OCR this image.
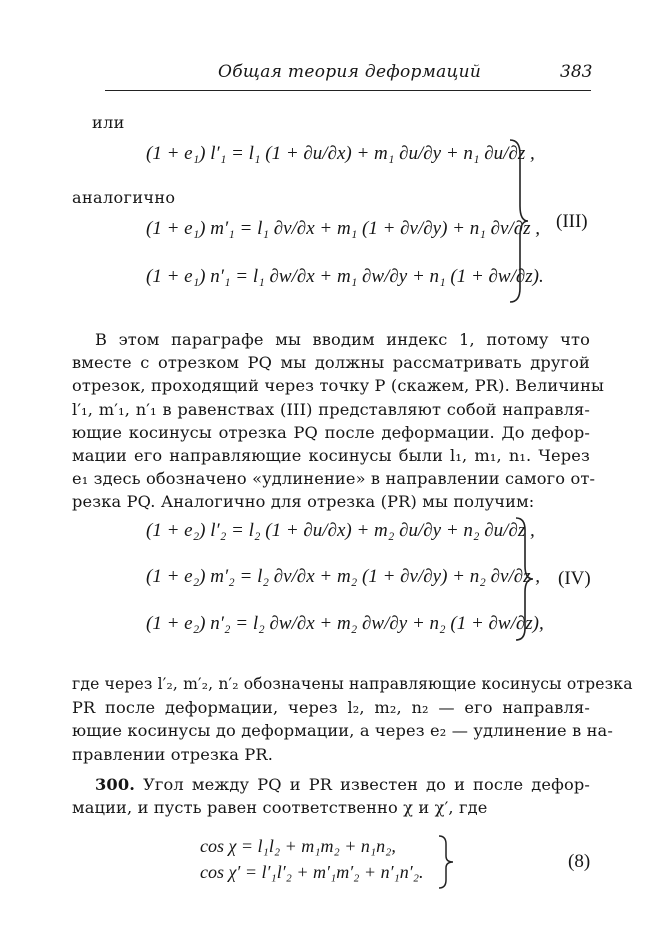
Общая теория деформаций	383
или
(1 + e₁) l′₁ = l₁ (1 + ∂u/∂x) + m₁ ∂u/∂y + n₁ ∂u/∂z ,
аналогично
(1 + e₁) m′₁ = l₁ ∂v/∂x + m₁ (1 + ∂v/∂y) + n₁ ∂v/∂z ,
(1 + e₁) n′₁ = l₁ ∂w/∂x + m₁ ∂w/∂y + n₁ (1 + ∂w/∂z).
(III)
В этом параграфе мы вводим индекс 1, потому что
вместе с отрезком PQ мы должны рассматривать другой
отрезок, проходящий через точку P (скажем, PR). Величины
l′₁, m′₁, n′₁ в равенствах (III) представляют собой направля-
ющие косинусы отрезка PQ после деформации. До дефор-
мации его направляющие косинусы были l₁, m₁, n₁. Через
e₁ здесь обозначено «удлинение» в направлении самого от-
резка PQ. Аналогично для отрезка (PR) мы получим:
(1 + e₂) l′₂ = l₂ (1 + ∂u/∂x) + m₂ ∂u/∂y + n₂ ∂u/∂z ,
(1 + e₂) m′₂ = l₂ ∂v/∂x + m₂ (1 + ∂v/∂y) + n₂ ∂v/∂z ,
(1 + e₂) n′₂ = l₂ ∂w/∂x + m₂ ∂w/∂y + n₂ (1 + ∂w/∂z),
(IV)
где через l′₂, m′₂, n′₂ обозначены направляющие косинусы отрезка
PR после деформации, через l₂, m₂, n₂ — его направля-
ющие косинусы до деформации, а через e₂ — удлинение в на-
правлении отрезка PR.
300. Угол между PQ и PR известен до и после дефор-
мации, и пусть равен соответственно χ и χ′, где
cos χ = l₁l₂ + m₁m₂ + n₁n₂,
cos χ′ = l′₁l′₂ + m′₁m′₂ + n′₁n′₂.	(8)
